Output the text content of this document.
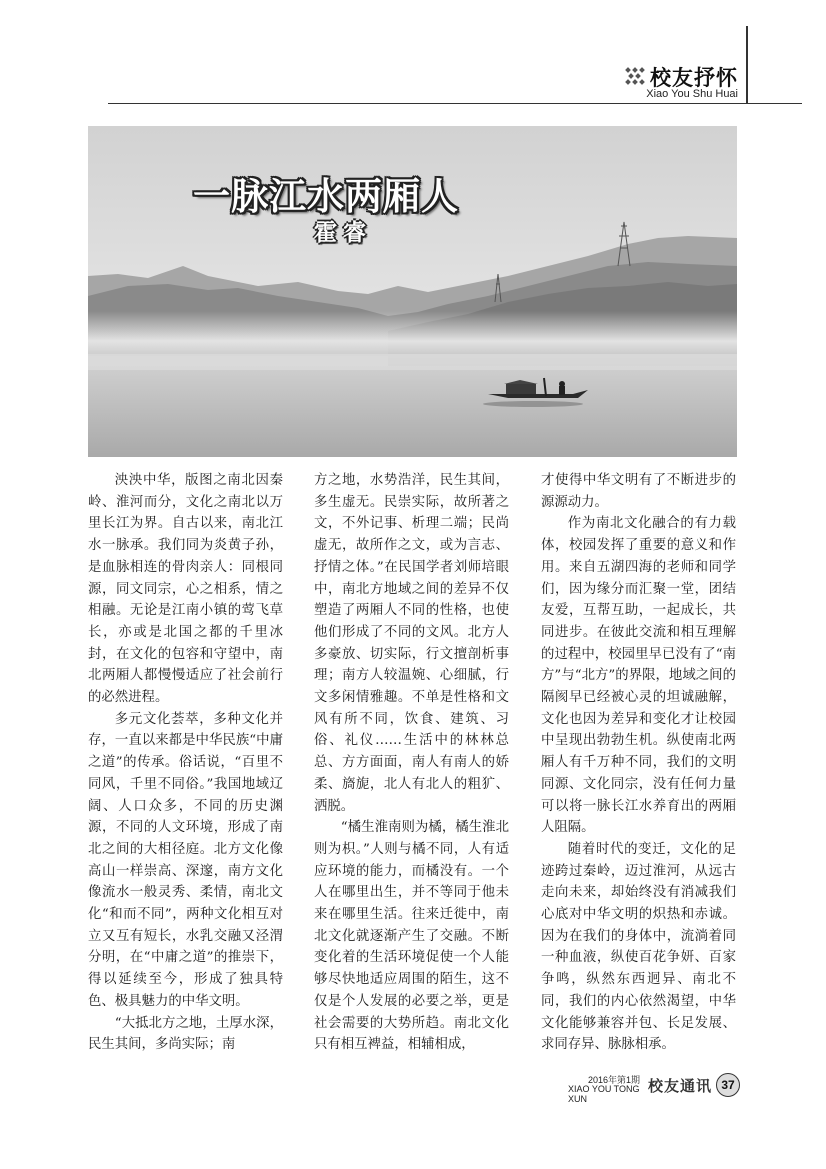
校友抒怀
Xiao You Shu Huai
一脉江水两厢人
霍睿

泱泱中华，版图之南北因秦岭、淮河而分，文化之南北以万里长江为界。自古以来，南北江水一脉承。我们同为炎黄子孙，是血脉相连的骨肉亲人：同根同源，同文同宗，心之相系，情之相融。无论是江南小镇的莺飞草长，亦或是北国之都的千里冰封，在文化的包容和守望中，南北两厢人都慢慢适应了社会前行的必然进程。

多元文化荟萃，多种文化并存，一直以来都是中华民族“中庸之道”的传承。俗话说，“百里不同风，千里不同俗。”我国地域辽阔、人口众多，不同的历史渊源，不同的人文环境，形成了南北之间的大相径庭。北方文化像高山一样崇高、深邃，南方文化像流水一般灵秀、柔情，南北文化“和而不同”，两种文化相互对立又互有短长，水乳交融又泾渭分明，在“中庸之道”的推崇下，得以延续至今，形成了独具特色、极具魅力的中华文明。

“大抵北方之地，土厚水深，民生其间，多尚实际；南

方之地，水势浩洋，民生其间，多生虚无。民崇实际，故所著之文，不外记事、析理二端；民尚虚无，故所作之文，或为言志、抒情之体。”在民国学者刘师培眼中，南北方地域之间的差异不仅塑造了两厢人不同的性格，也使他们形成了不同的文风。北方人多豪放、切实际，行文擅剖析事理；南方人较温婉、心细腻，行文多闲情雅趣。不单是性格和文风有所不同，饮食、建筑、习俗、礼仪……生活中的林林总总、方方面面，南人有南人的娇柔、旖旎，北人有北人的粗犷、洒脱。

“橘生淮南则为橘，橘生淮北则为枳。”人则与橘不同，人有适应环境的能力，而橘没有。一个人在哪里出生，并不等同于他未来在哪里生活。往来迁徙中，南北文化就逐渐产生了交融。不断变化着的生活环境促使一个人能够尽快地适应周围的陌生，这不仅是个人发展的必要之举，更是社会需要的大势所趋。南北文化只有相互裨益，相辅相成，

才使得中华文明有了不断进步的源源动力。

作为南北文化融合的有力载体，校园发挥了重要的意义和作用。来自五湖四海的老师和同学们，因为缘分而汇聚一堂，团结友爱，互帮互助，一起成长，共同进步。在彼此交流和相互理解的过程中，校园里早已没有了“南方”与“北方”的界限，地域之间的隔阂早已经被心灵的坦诚融解，文化也因为差异和变化才让校园中呈现出勃勃生机。纵使南北两厢人有千万种不同，我们的文明同源、文化同宗，没有任何力量可以将一脉长江水养育出的两厢人阻隔。

随着时代的变迁，文化的足迹跨过秦岭，迈过淮河，从远古走向未来，却始终没有消减我们心底对中华文明的炽热和赤诚。因为在我们的身体中，流淌着同一种血液，纵使百花争妍、百家争鸣，纵然东西迥异、南北不同，我们的内心依然渴望，中华文化能够兼容并包、长足发展、求同存异、脉脉相承。

2016年第1期
XIAO YOU TONG XUN
校友通讯 37
